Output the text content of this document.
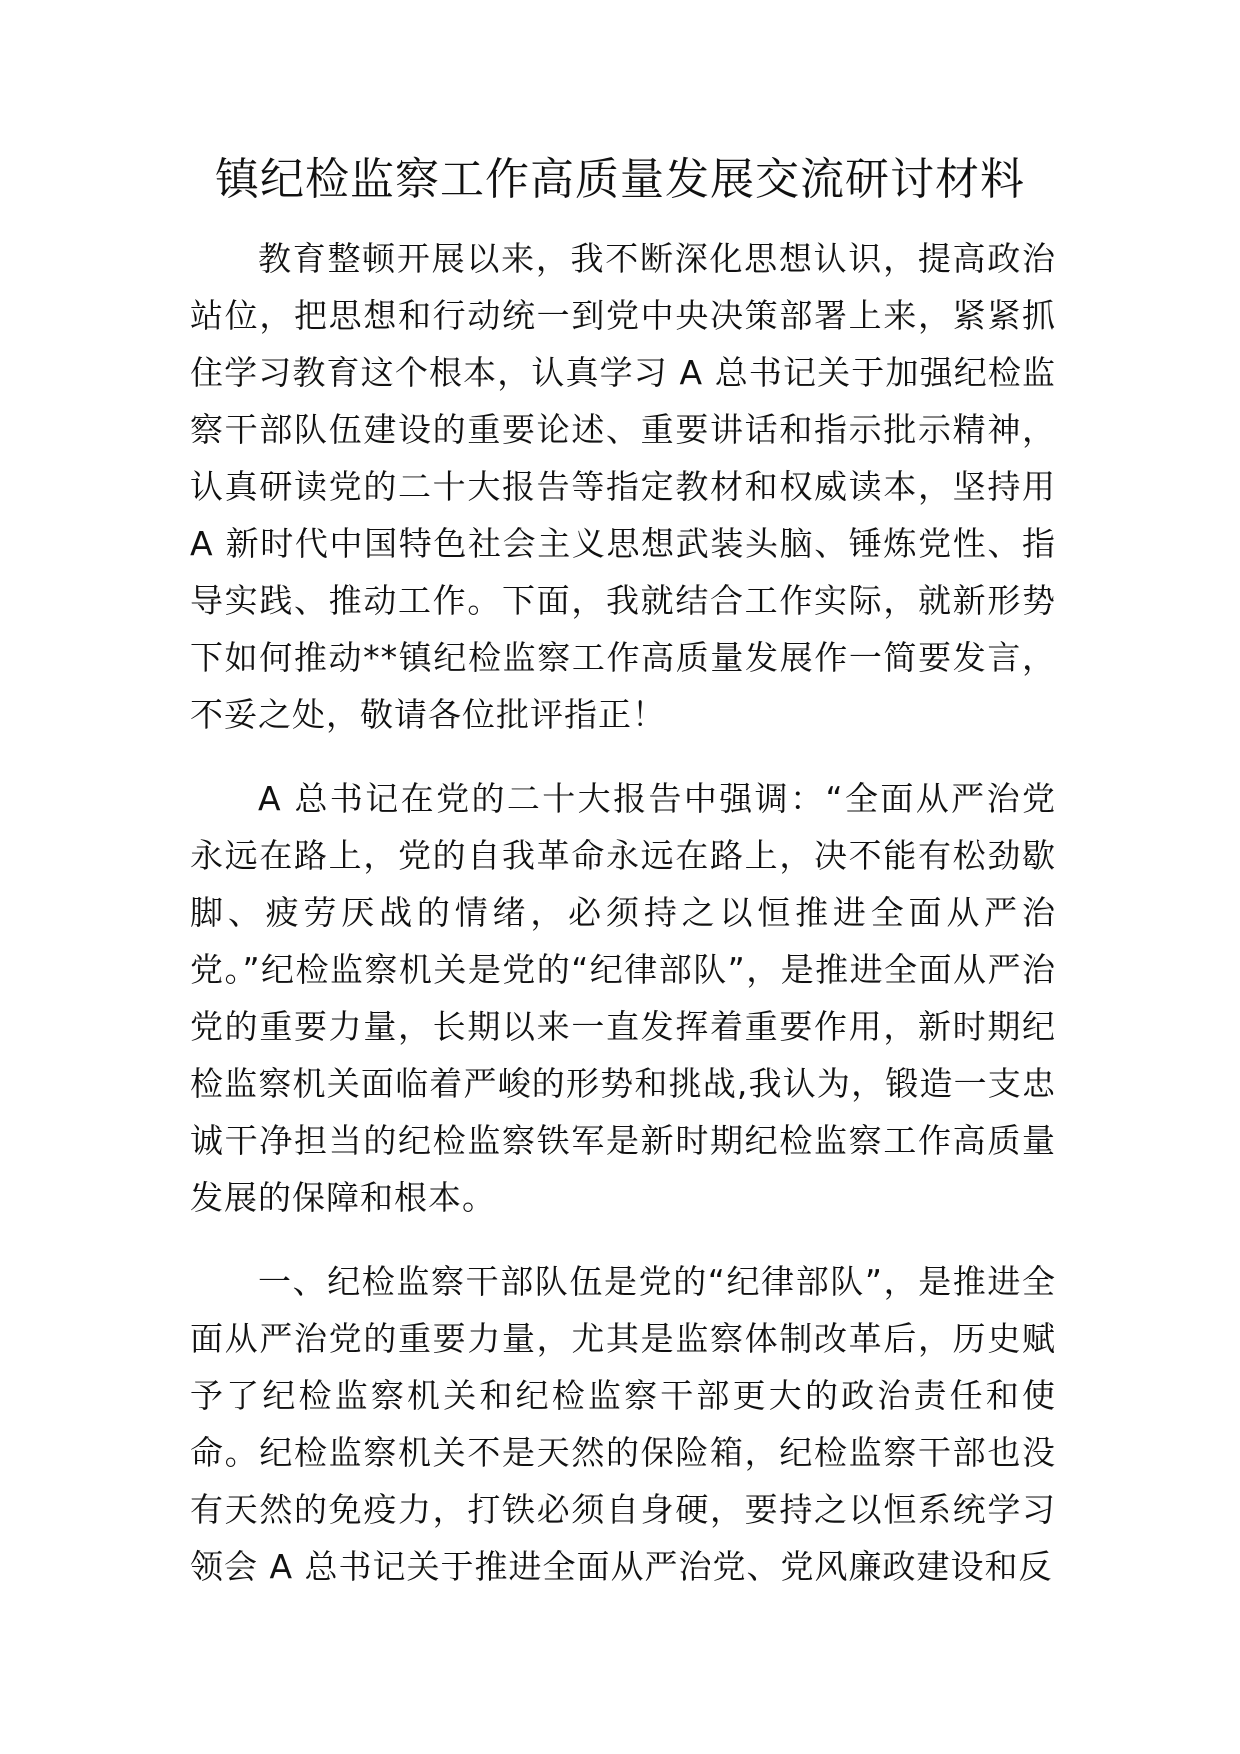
镇纪检监察工作高质量发展交流研讨材料

教育整顿开展以来，我不断深化思想认识，提高政治站位，把思想和行动统一到党中央决策部署上来，紧紧抓住学习教育这个根本，认真学习 A 总书记关于加强纪检监察干部队伍建设的重要论述、重要讲话和指示批示精神，认真研读党的二十大报告等指定教材和权威读本，坚持用 A 新时代中国特色社会主义思想武装头脑、锤炼党性、指导实践、推动工作。下面，我就结合工作实际，就新形势下如何推动**镇纪检监察工作高质量发展作一简要发言，不妥之处，敬请各位批评指正！

A 总书记在党的二十大报告中强调：“全面从严治党永远在路上，党的自我革命永远在路上，决不能有松劲歇脚、疲劳厌战的情绪，必须持之以恒推进全面从严治党。”纪检监察机关是党的“纪律部队”，是推进全面从严治党的重要力量，长期以来一直发挥着重要作用，新时期纪检监察机关面临着严峻的形势和挑战,我认为，锻造一支忠诚干净担当的纪检监察铁军是新时期纪检监察工作高质量发展的保障和根本。

一、纪检监察干部队伍是党的“纪律部队”，是推进全面从严治党的重要力量，尤其是监察体制改革后，历史赋予了纪检监察机关和纪检监察干部更大的政治责任和使命。纪检监察机关不是天然的保险箱，纪检监察干部也没有天然的免疫力，打铁必须自身硬，要持之以恒系统学习领会 A 总书记关于推进全面从严治党、党风廉政建设和反
